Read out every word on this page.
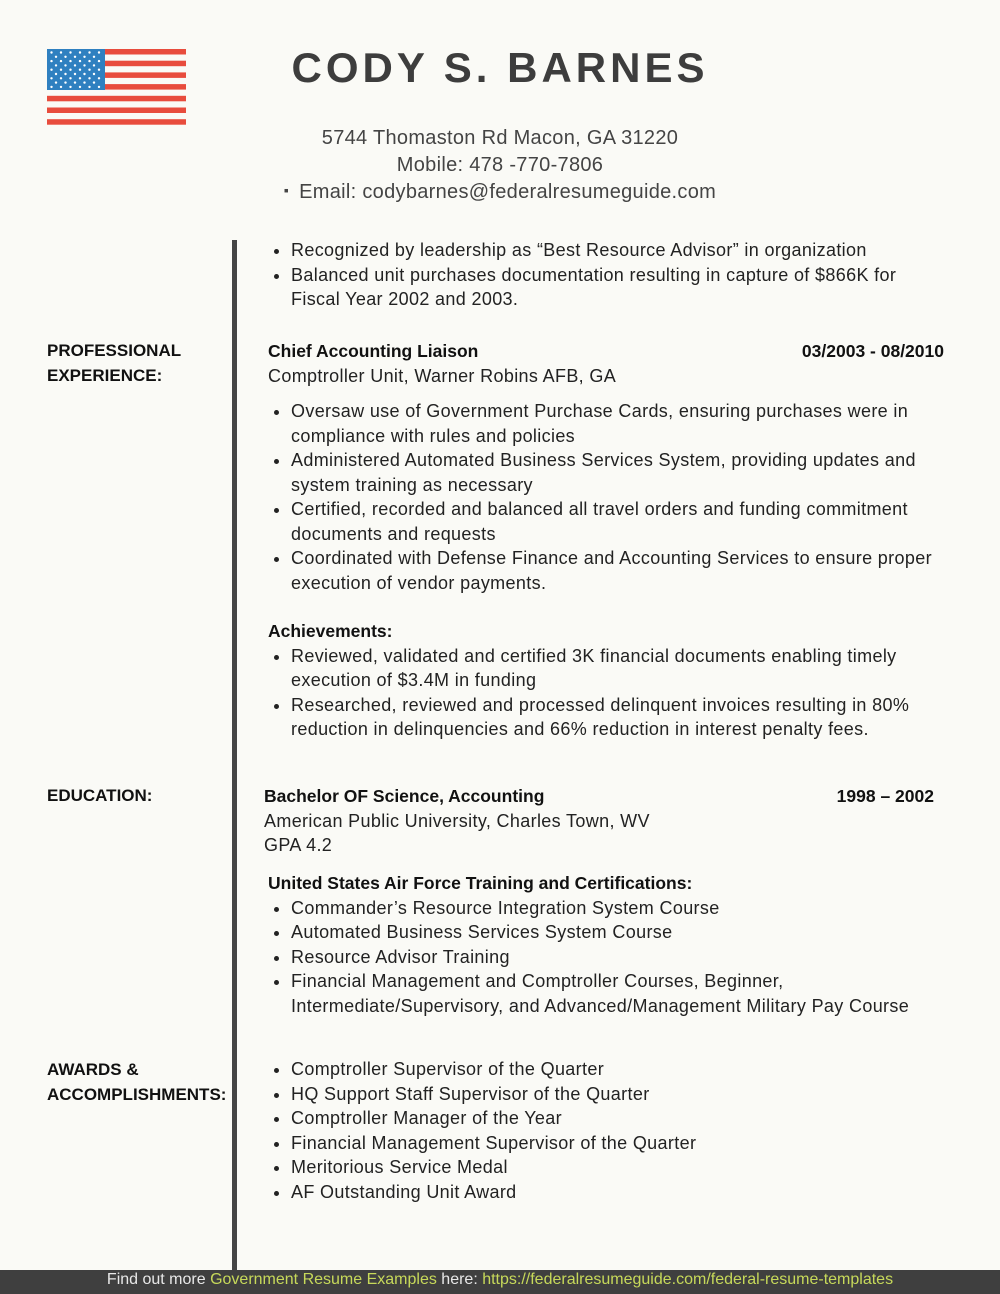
CODY S. BARNES
5744 Thomaston Rd Macon, GA 31220
Mobile: 478 -770-7806
▪ Email: codybarnes@federalresumeguide.com
• Recognized by leadership as “Best Resource Advisor” in organization
• Balanced unit purchases documentation resulting in capture of $866K for Fiscal Year 2002 and 2003.
PROFESSIONAL
EXPERIENCE:
Chief Accounting Liaison	03/2003 - 08/2010
Comptroller Unit, Warner Robins AFB, GA
• Oversaw use of Government Purchase Cards, ensuring purchases were in compliance with rules and policies
• Administered Automated Business Services System, providing updates and system training as necessary
• Certified, recorded and balanced all travel orders and funding commitment documents and requests
• Coordinated with Defense Finance and Accounting Services to ensure proper execution of vendor payments.
Achievements:
• Reviewed, validated and certified 3K financial documents enabling timely execution of $3.4M in funding
• Researched, reviewed and processed delinquent invoices resulting in 80% reduction in delinquencies and 66% reduction in interest penalty fees.
EDUCATION:	Bachelor OF Science, Accounting	1998 – 2002
American Public University, Charles Town, WV
GPA 4.2
United States Air Force Training and Certifications:
• Commander’s Resource Integration System Course
• Automated Business Services System Course
• Resource Advisor Training
• Financial Management and Comptroller Courses, Beginner, Intermediate/Supervisory, and Advanced/Management Military Pay Course
AWARDS &
ACCOMPLISHMENTS:
• Comptroller Supervisor of the Quarter
• HQ Support Staff Supervisor of the Quarter
• Comptroller Manager of the Year
• Financial Management Supervisor of the Quarter
• Meritorious Service Medal
• AF Outstanding Unit Award
Find out more Government Resume Examples here: https://federalresumeguide.com/federal-resume-templates
